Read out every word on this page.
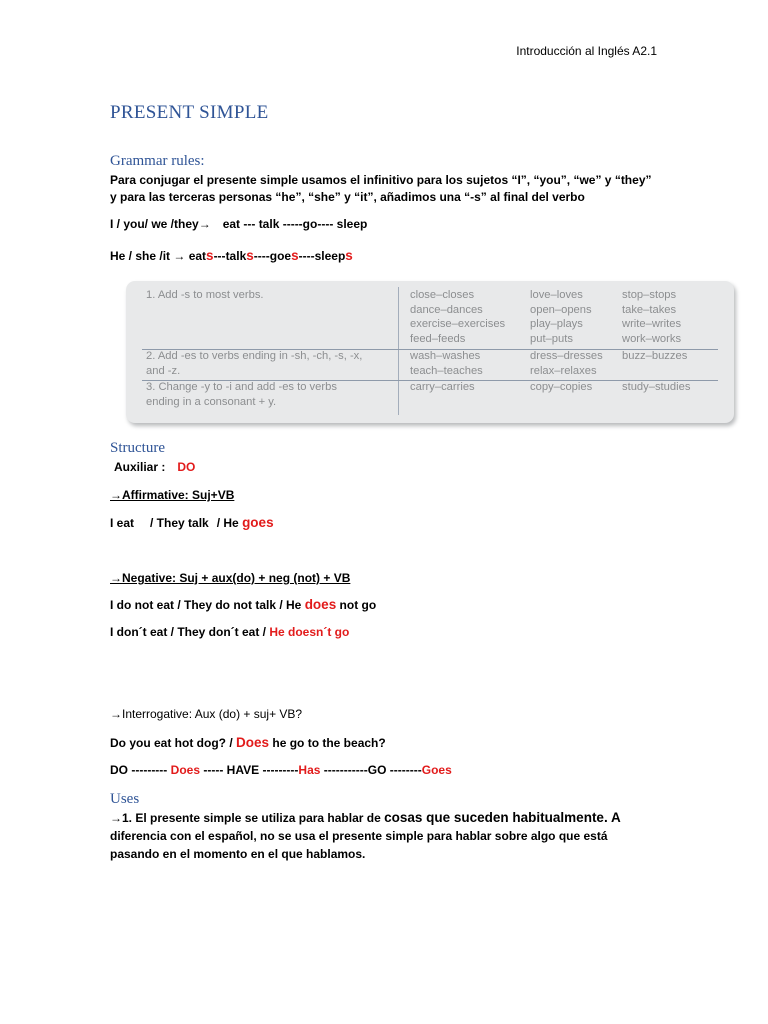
Introducción al Inglés A2.1
PRESENT SIMPLE
Grammar rules:
Para conjugar el presente simple usamos el infinitivo para los sujetos “I”, “you”, “we” y “they”
y para las terceras personas “he”, “she” y “it”, añadimos una “-s” al final del verbo
I / you/ we /they→ eat --- talk -----go---- sleep
He / she /it → eats---talks----goes----sleeps
1. Add -s to most verbs.	close–closes	love–loves	stop–stops
dance–dances	open–opens	take–takes
exercise–exercises play–plays	write–writes
feed–feeds	put–puts	work–works
2. Add -es to verbs ending in -sh, -ch, -s, -x,
and -z.
wash–washes	dress–dresses buzz–buzzes
teach–teaches	relax–relaxes
3. Change -y to -i and add -es to verbs
ending in a consonant + y.
carry–carries	copy–copies	study–studies
Structure
Auxiliar : DO
→Affirmative: Suj+VB
I eat / They talk / He goes
→Negative: Suj + aux(do) + neg (not) + VB
I do not eat / They do not talk / He does not go
I don´t eat / They don´t eat / He doesn´t go
→Interrogative: Aux (do) + suj+ VB?
Do you eat hot dog? / Does he go to the beach?
DO --------- Does ----- HAVE ---------Has -----------GO --------Goes
Uses
→1. El presente simple se utiliza para hablar de cosas que suceden habitualmente. A
diferencia con el español, no se usa el presente simple para hablar sobre algo que está
pasando en el momento en el que hablamos.
